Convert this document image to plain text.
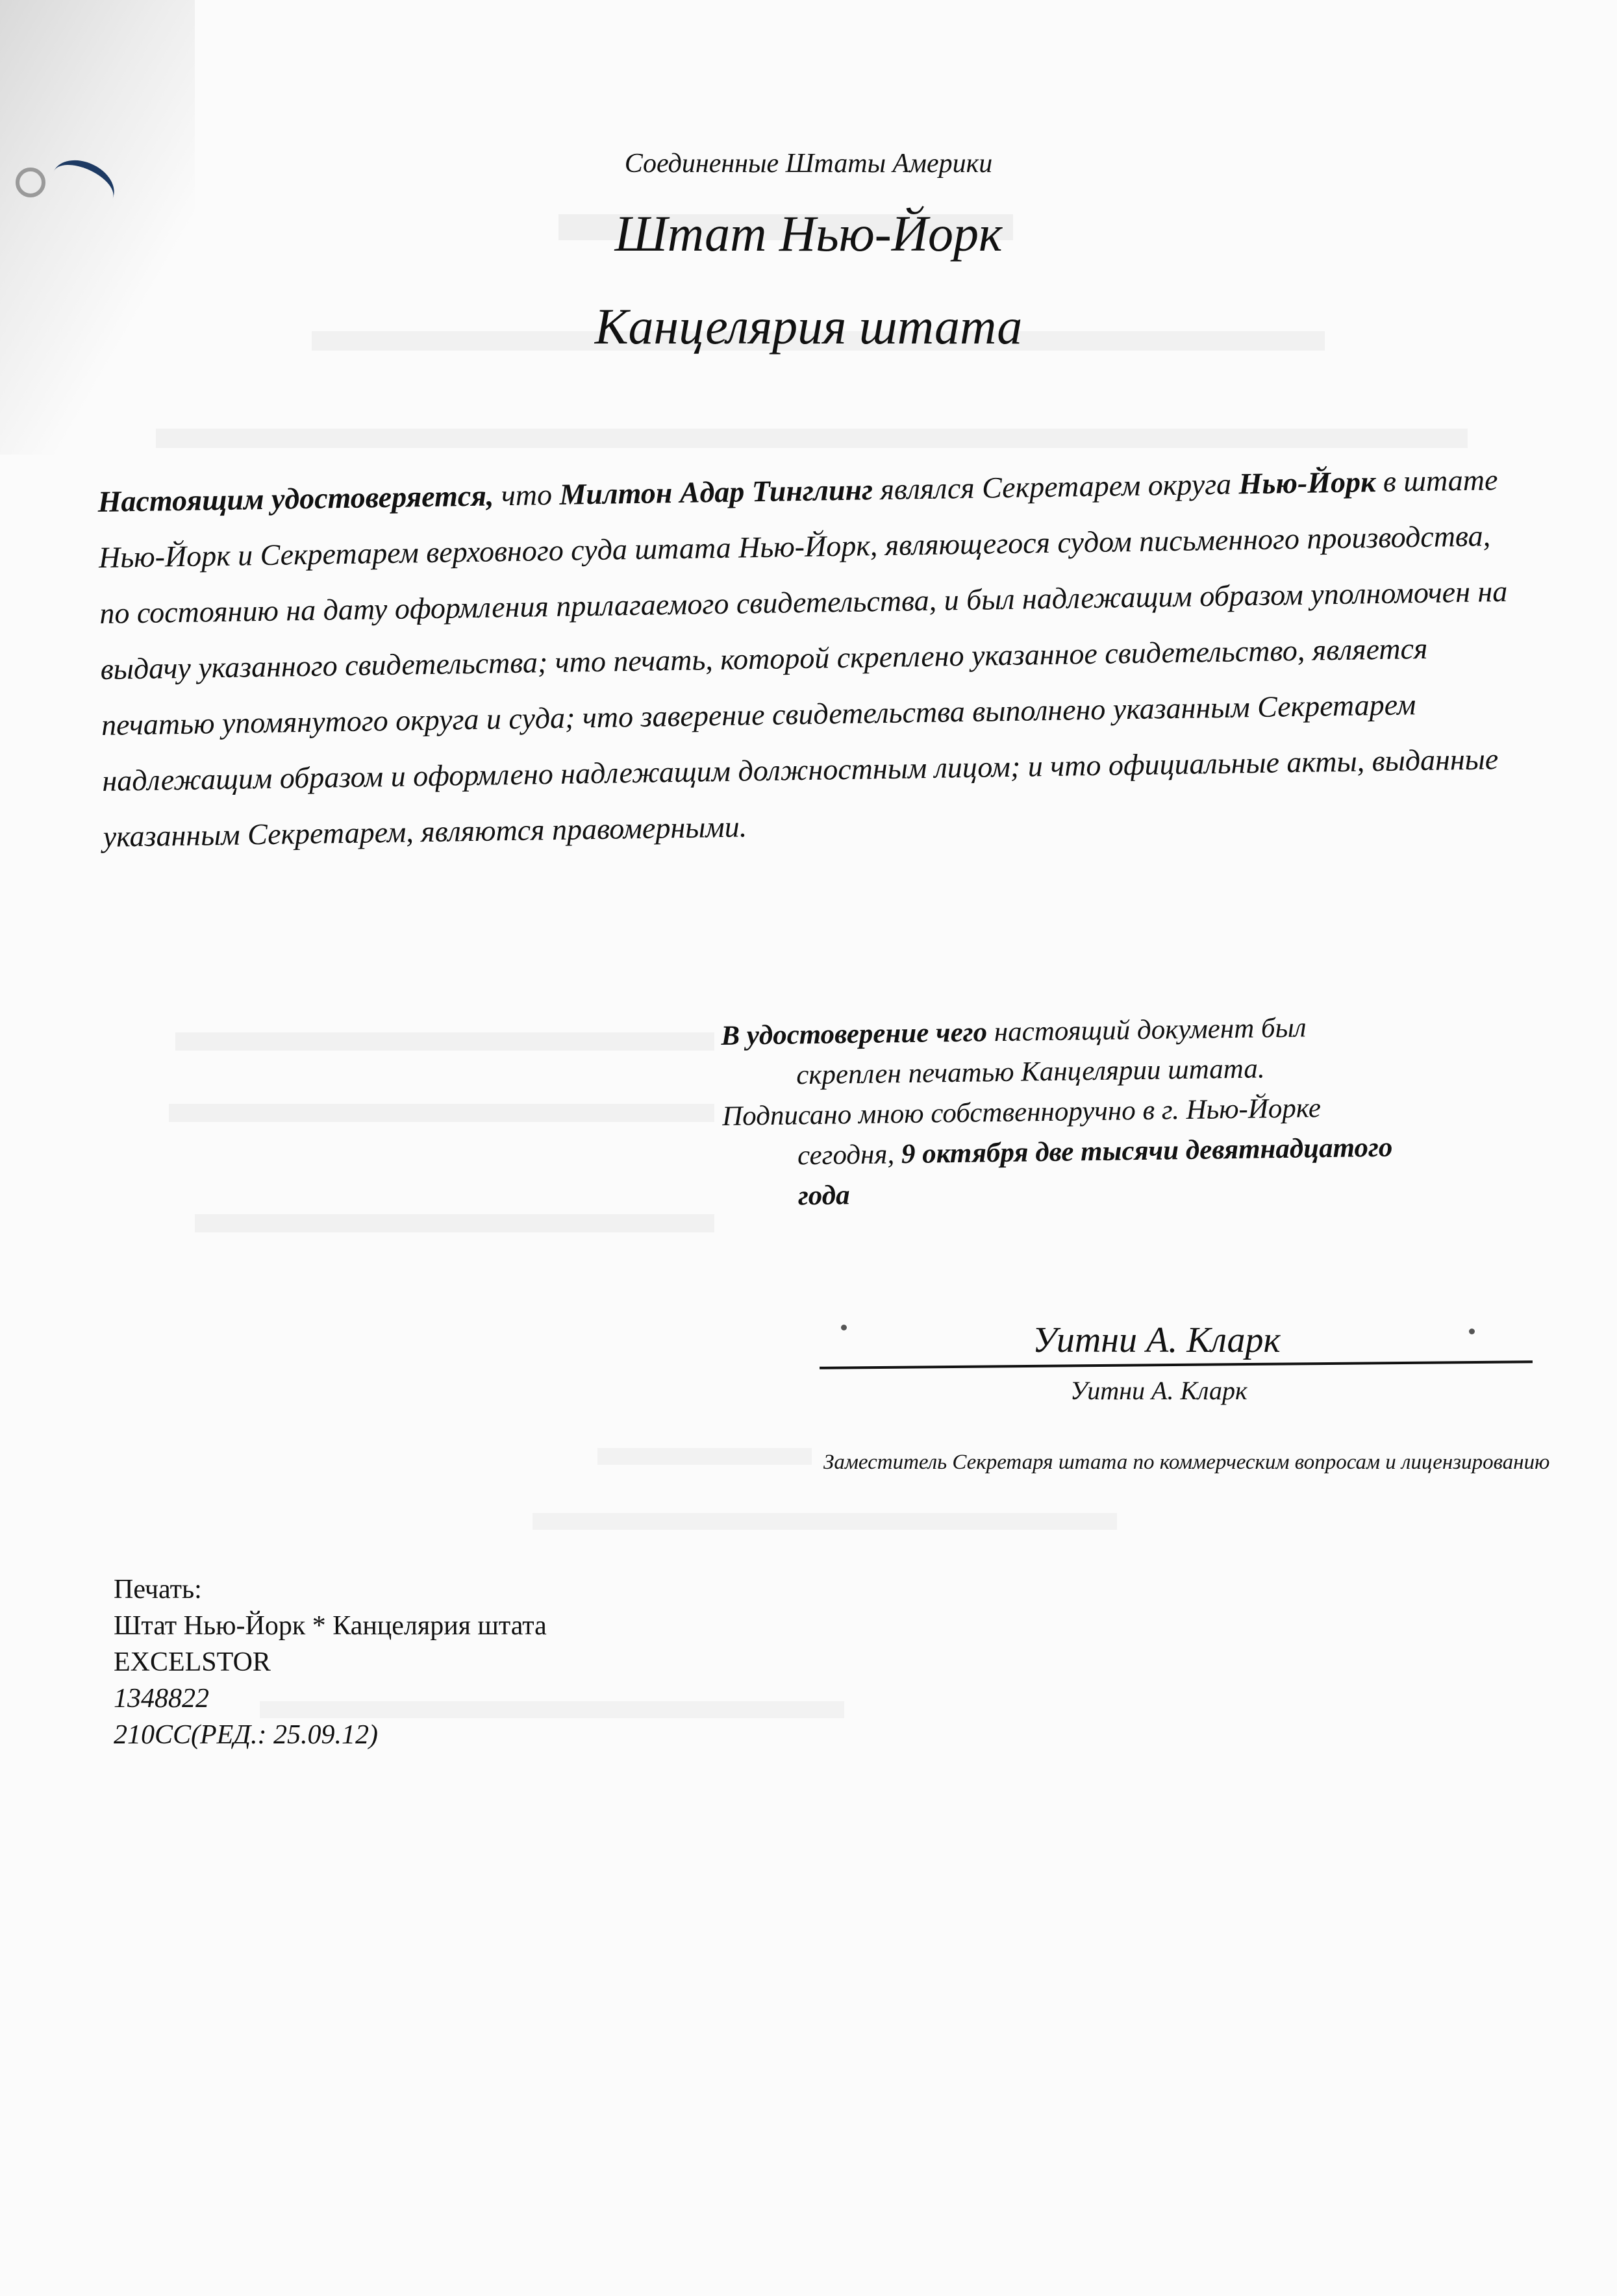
Соединенные Штаты Америки
Штат Нью-Йорк
Канцелярия штата
Настоящим удостоверяется, что Милтон Адар Тинглинг являлся Секретарем округа Нью-Йорк в штате Нью-Йорк и Секретарем верховного суда штата Нью-Йорк, являющегося судом письменного производства, по состоянию на дату оформления прилагаемого свидетельства, и был надлежащим образом уполномочен на выдачу указанного свидетельства; что печать, которой скреплено указанное свидетельство, является печатью упомянутого округа и суда; что заверение свидетельства выполнено указанным Секретарем надлежащим образом и оформлено надлежащим должностным лицом; и что официальные акты, выданные указанным Секретарем, являются правомерными.
В удостоверение чего настоящий документ был
скреплен печатью Канцелярии штата.
Подписано мною собственноручно в г. Нью-Йорке
сегодня, 9 октября две тысячи девятнадцатого
года
Уитни А. Кларк
Уитни А. Кларк
Заместитель Секретаря штата по коммерческим вопросам и лицензированию
Печать:
Штат Нью-Йорк * Канцелярия штата
EXCELSTOR
1348822
210СС(РЕД.: 25.09.12)
